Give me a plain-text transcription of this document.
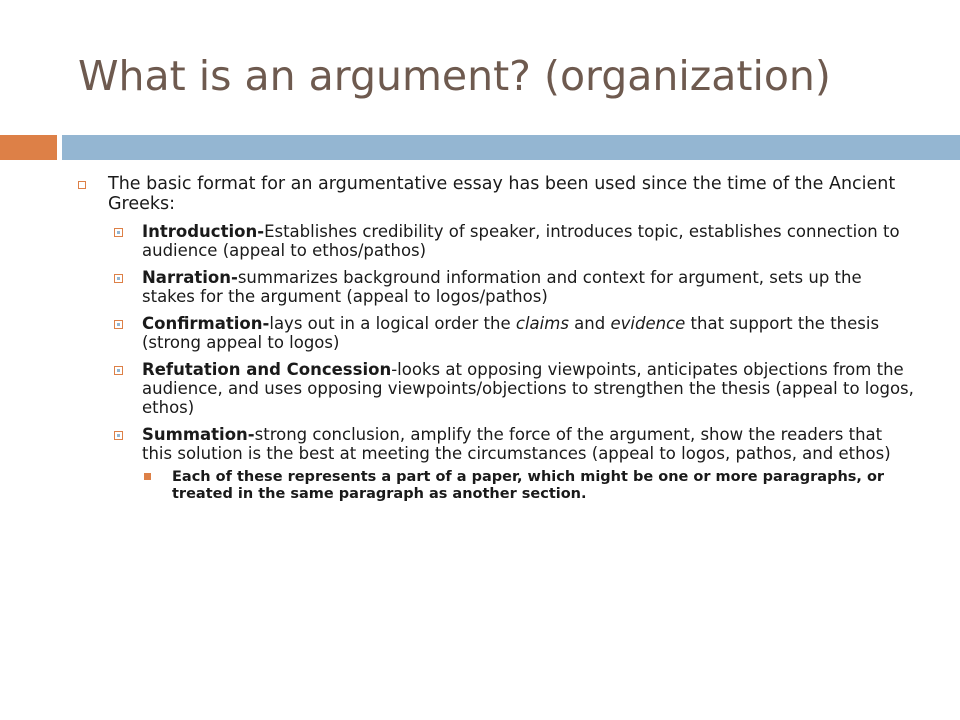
What is an argument? (organization)
The basic format for an argumentative essay has been used since the time of the Ancient Greeks:
Introduction-Establishes credibility of speaker, introduces topic, establishes connection to audience (appeal to ethos/pathos)
Narration-summarizes background information and context for argument, sets up the stakes for the argument (appeal to logos/pathos)
Confirmation-lays out in a logical order the claims and evidence that support the thesis (strong appeal to logos)
Refutation and Concession-looks at opposing viewpoints, anticipates objections from the audience, and uses opposing viewpoints/objections to strengthen the thesis (appeal to logos, ethos)
Summation-strong conclusion, amplify the force of the argument, show the readers that this solution is the best at meeting the circumstances (appeal to logos, pathos, and ethos)
Each of these represents a part of a paper, which might be one or more paragraphs, or treated in the same paragraph as another section.
